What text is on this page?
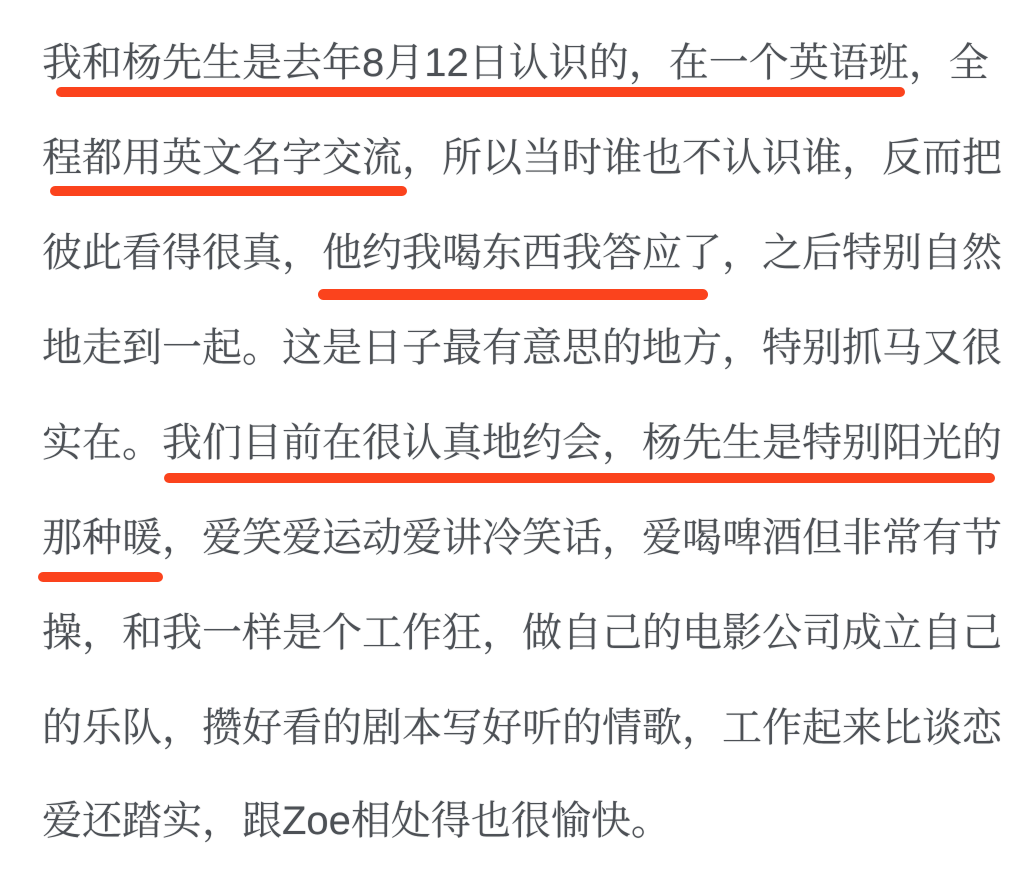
我和杨先生是去年8月12日认识的，在一个英语班，全
程都用英文名字交流，所以当时谁也不认识谁，反而把
彼此看得很真，他约我喝东西我答应了，之后特别自然
地走到一起。这是日子最有意思的地方，特别抓马又很
实在。我们目前在很认真地约会，杨先生是特别阳光的
那种暖，爱笑爱运动爱讲冷笑话，爱喝啤酒但非常有节
操，和我一样是个工作狂，做自己的电影公司成立自己
的乐队，攒好看的剧本写好听的情歌，工作起来比谈恋
爱还踏实，跟Zoe相处得也很愉快。
